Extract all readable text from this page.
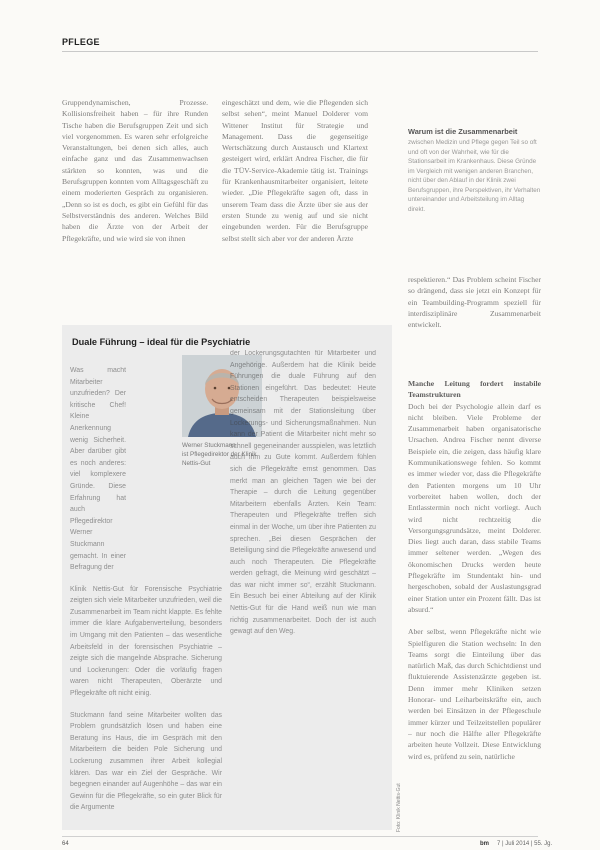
PFLEGE

Gruppendynamischen, Prozesse. Kollisionsfreiheit haben – für ihre Runden Tische haben die Berufsgruppen Zeit und sich viel vorgenommen. Es waren sehr erfolgreiche Veranstaltungen, bei denen sich alles, auch einfache ganz und das Zusammenwachsen stärkten so konnten, was und die Berufsgruppen konnten vom Alltagsgeschäft zu einem moderierten Gespräch zu organisieren. „Denn so ist es doch, es gibt ein Gefühl für das Selbstverständnis des anderen. Welches Bild haben die Ärzte von der Arbeit der Pflegekräfte, und wie wird sie von ihnen

eingeschätzt und dem, wie die Pflegenden sich selbst sehen“, meint Manuel Dolderer vom Wittener Institut für Strategie und Management. Dass die gegenseitige Wertschätzung durch Austausch und Klartext gesteigert wird, erklärt Andrea Fischer, die für die TÜV-Service-Akademie tätig ist. Trainings für Krankenhausmitarbeiter organisiert, leitete wieder. „Die Pflegekräfte sagen oft, dass in unserem Team dass die Ärzte über sie aus der ersten Stunde zu wenig auf und sie nicht eingebunden werden. Für die Berufsgruppe selbst stellt sich aber vor der anderen Ärzte

Warum ist die Zusammenarbeit
zwischen Medizin und Pflege gegen Teil so oft und oft von der Wahrheit, wie für die Stationsarbeit im Krankenhaus. Diese Gründe im Vergleich mit wenigen anderen Branchen, nicht über den Ablauf in der Klinik zwei Berufsgruppen, ihre Perspektiven, ihr Verhalten untereinander und Arbeitsteilung im Alltag direkt.

respektieren.“ Das Problem scheint Fischer so drängend, dass sie jetzt ein Konzept für ein Teambuilding-Programm speziell für interdisziplinäre Zusammenarbeit entwickelt.

Manche Leitung fordert instabile Teamstrukturen

Doch bei der Psychologie allein darf es nicht bleiben. Viele Probleme der Zusammenarbeit haben organisatorische Ursachen. Andrea Fischer nennt diverse Beispiele ein, die zeigen, dass häufig klare Kommunikationswege fehlen. So kommt es immer wieder vor, dass die Pflegekräfte den Patienten morgens um 10 Uhr vorbereitet haben wollen, doch der Entlasstermin noch nicht vorliegt. Auch wird nicht rechtzeitig die Versorgungsgrundsätze, meint Dolderer. Dies liegt auch daran, dass stabile Teams immer seltener werden. „Wegen des ökonomischen Drucks werden heute Pflegekräfte im Stundentakt hin- und hergeschoben, sobald der Auslastungsgrad einer Station unter ein Prozent fällt. Das ist absurd.“

Aber selbst, wenn Pflegekräfte nicht wie Spielfiguren die Station wechseln: In den Teams sorgt die Einteilung über das natürlich Maß, das durch Schichtdienst und fluktuierende Assistenzärzte gegeben ist. Denn immer mehr Kliniken setzen Honorar- und Leiharbeitskräfte ein, auch werden bei Einsätzen in der Pflegeschule immer kürzer und Teilzeitstellen populärer – nur noch die Hälfte aller Pflegekräfte arbeiten heute Vollzeit. Diese Entwicklung wird es, prüfend zu sein, natürliche

Duale Führung – ideal für die Psychiatrie

Was macht Mitarbeiter unzufrieden? Der kritische Chef! Kleine Anerkennung wenig Sicherheit. Aber darüber gibt es noch anderes: viel komplexere Gründe. Diese Erfahrung hat auch Pflegedirektor Werner Stuckmann gemacht. In einer Befragung der

Klinik Nettis-Gut für Forensische Psychiatrie zeigten sich viele Mitarbeiter unzufrieden, weil die Zusammenarbeit im Team nicht klappte. Es fehlte immer die klare Aufgabenverteilung, besonders im Umgang mit den Patienten – das wesentliche Arbeitsfeld in der forensischen Psychiatrie – zeigte sich die mangelnde Absprache. Sicherung und Lockerungen: Oder die vorläufig fragen waren nicht Therapeuten, Oberärzte und Pflegekräfte oft nicht einig.

Stuckmann fand seine Mitarbeiter wollten das Problem grundsätzlich lösen und haben eine Beratung ins Haus, die im Gespräch mit den Mitarbeitern die beiden Pole Sicherung und Lockerung zusammen ihrer Arbeit kollegial klären. Das war ein Ziel der Gespräche. Wir begegnen einander auf Augenhöhe – das war ein Gewinn für die Pflegekräfte, so ein guter Blick für die Argumente

Werner Stuckmann
ist Pflegedirektor der Klinik Nettis-Gut

der Lockerungsgutachten für Mitarbeiter und Angehörige. Außerdem hat die Klinik beide Führungen die duale Führung auf den Stationen eingeführt. Das bedeutet: Heute entscheiden Therapeuten beispielsweise gemeinsam mit der Stationsleitung über Lockerungs- und Sicherungsmaßnahmen. Nun kann der Patient die Mitarbeiter nicht mehr so schnell gegeneinander ausspielen, was letztlich auch ihm zu Gute kommt. Außerdem fühlen sich die Pflegekräfte ernst genommen. Das merkt man an gleichen Tagen wie bei der Therapie – durch die Leitung gegenüber Mitarbeitern ebenfalls Ärzten. Kein Team: Therapeuten und Pflegekräfte treffen sich einmal in der Woche, um über ihre Patienten zu sprechen. „Bei diesen Gesprächen der Beteiligung sind die Pflegekräfte anwesend und auch noch Therapeuten. Die Pflegekräfte werden gefragt, die Meinung wird geschätzt – das war nicht immer so“, erzählt Stuckmann. Ein Besuch bei einer Abteilung auf der Klinik Nettis-Gut für die Hand weiß nun wie man richtig zusammenarbeitet. Doch der ist auch gewagt auf den Weg.

Foto: Klinik Nettis-Gut
64	bm 7 | Juli 2014 | 55. Jg.
